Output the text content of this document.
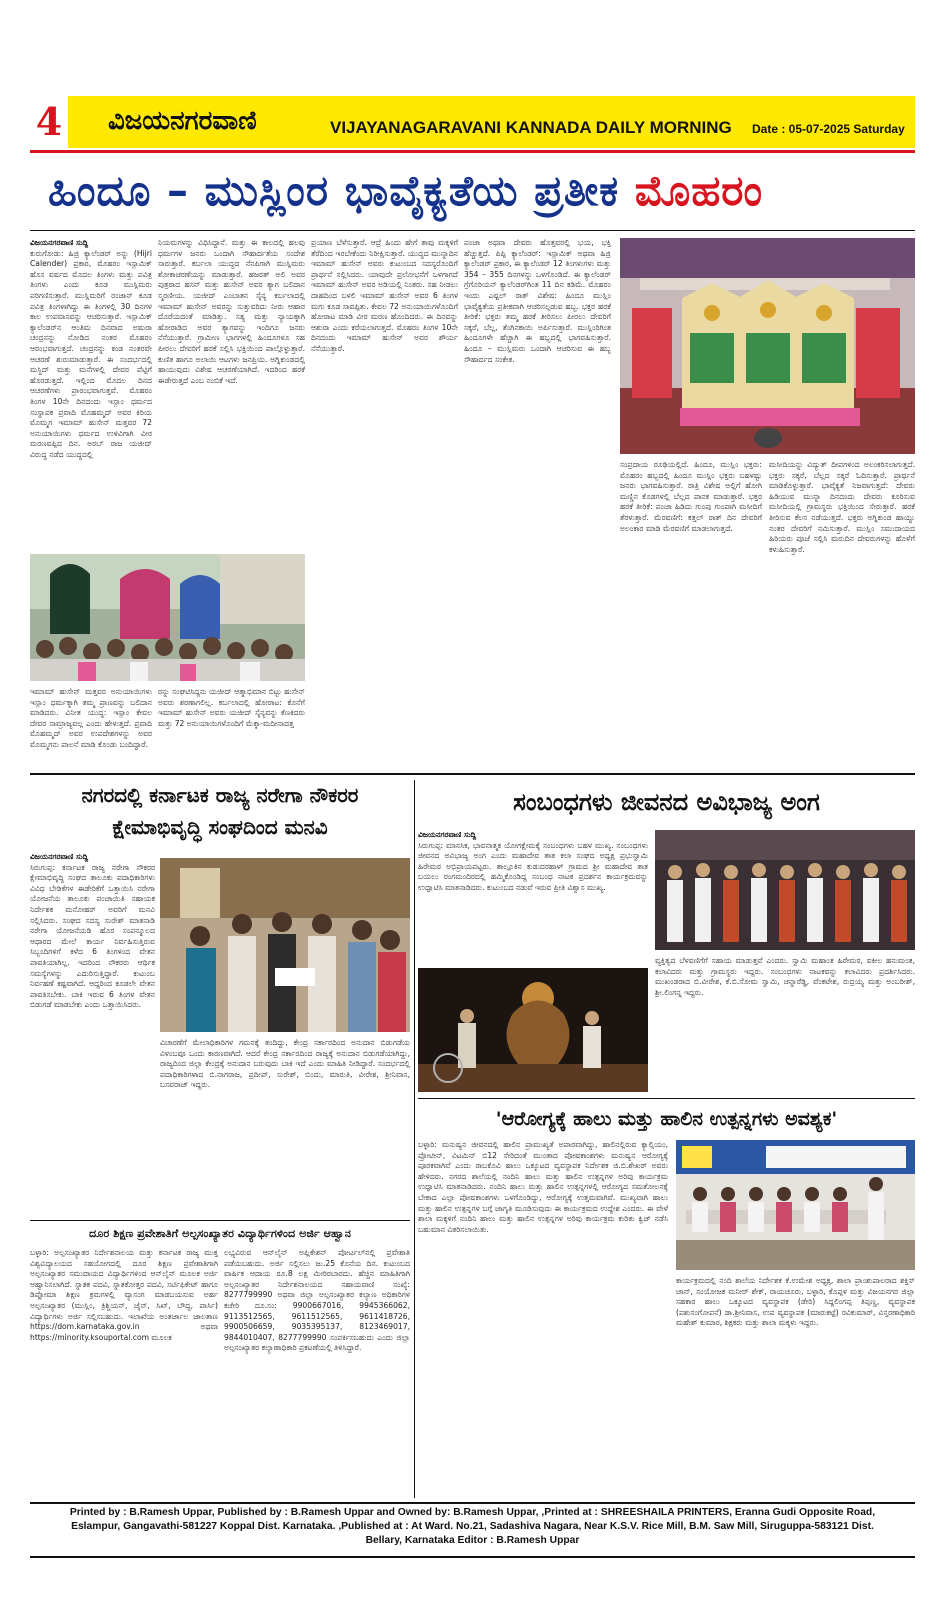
4 ವಿಜಯನಗರವಾಣಿ	VIJAYANAGARAVANI KANNADA DAILY MORNING Date : 05-07-2025 Saturday
ಹಿಂದೂ – ಮುಸ್ಲಿಂರ ಭಾವೈಕ್ಯತೆಯ ಪ್ರತೀಕ ಮೊಹರಂ
ವಿಜಯನಗರವಾಣಿ ಸುದ್ದಿ
ಕುರುಗೋಡು: ಹಿಜ್ರಿ ಕ್ಯಾಲೆಂಡರ್ ಅನ್ನು (Hijri Calender) ಪ್ರಕಾರ, ಮೊಹರಂ ಇಸ್ಲಾಮಿಕ್ ಹೊಸ ವರ್ಷದ ಮೊದಲ ತಿಂಗಳು ಮತ್ತು ಪವಿತ್ರ ತಿಂಗಳು ಎಂದು ಕೂಡ ಮುಸ್ಲಿಮರು ಪರಿಗಣಿಸುತ್ತಾರೆ. ಮುಸ್ಲಿಮರಿಗೆ ರಂಜಾನ್ ಕೂಡ ಪವಿತ್ರ ತಿಂಗಳಾಗಿದ್ದು ಈ ತಿಂಗಳಲ್ಲಿ 30 ದಿನಗಳ ಕಾಲ ಉಪವಾಸವನ್ನು ಆಚರಿಸುತ್ತಾರೆ. ಇಸ್ಲಾಮಿಕ್ ಕ್ಯಾಲೆಂಡರ್‌ನ ಆಂತಿಮ ದಿನವಾದ ಅಷುರಾ ಚಂದ್ರನನ್ನು ನೋಡಿದ ನಂತರ ಮೊಹರಂ ಆರಂಭವಾಗುತ್ತದೆ. ಚಂದ್ರನನ್ನು ಕಂಡ ನಂತರವೇ ಆಚರಣೆ ಶುರುಮಾಡುತ್ತಾರೆ. ಈ ಸಂದರ್ಭದಲ್ಲಿ ಮಸ್ಜಿದ್ ಮತ್ತು ಮನೆಗಳಲ್ಲಿ ದೇವರ ಪೆಟ್ಟಿಗೆ ಹೊರಡುತ್ತದೆ. ಇಲ್ಲಿಂದ ಮೊದಲ ದಿನದ ಆಚರಣೆಗಳು ಪ್ರಾರಂಭವಾಗುತ್ತವೆ. ಮೊಹರಂ ತಿಂಗಳ 10ನೇ ದಿನದಂದು ಇಸ್ಲಾಂ ಧರ್ಮದ ಸಂಸ್ಥಾಪಕ ಪ್ರವಾದಿ ಮೊಹಮ್ಮದ್ ಅವರ ಕಿರಿಯ ಮೊಮ್ಮಗ ಇಮಾಮ್ ಹುಸೇನ್ ಮತ್ತವರ 72 ಅನುಯಾಯಿಗಳು ಧರ್ಮದ ಉಳಿವಿಗಾಗಿ ವೀರ ಮರಣವಪ್ಪಿದ ದಿನ. ಅರಬ್ ರಾಜ ಯಜೀದ್ ವಿರುದ್ಧ ನಡೆದ ಯುದ್ಧದಲ್ಲಿ
ನಿಯಮಗಳನ್ನು ವಿಧಿಸಿದ್ದಾನೆ. ಮತ್ತು ಈ ಕಾಲದಲ್ಲಿ ಹಲವು ಧರ್ಮಗಳ ಜನರು ಒಂದಾಗಿ ಸೌಹಾರ್ದತೆಯ ಸಂದೇಶ ಸಾರುತ್ತಾರೆ. ಕರ್ಬಲಾ ಯುದ್ಧದ ನೆನಪಿಗಾಗಿ ಮುಸ್ಲಿಮರು ಶೋಕಾಚರಣೆಯನ್ನು ಮಾಡುತ್ತಾರೆ. ಹಜರತ್ ಅಲಿ ಅವರ ಪುತ್ರರಾದ ಹಸನ್ ಮತ್ತು ಹುಸೇನ್ ಅವರ ತ್ಯಾಗ ಬಲಿದಾನ ಸ್ಮರಣೀಯ. ಯಜೀದ್ ಎಂಬಾತನ ಸೈನ್ಯ ಕರ್ಬಲಾದಲ್ಲಿ ಇಮಾಮ್ ಹುಸೇನ್ ಅವರನ್ನು ಸುತ್ತುವರಿದು ನೀರು ಆಹಾರ ದೊರೆಯದಂತೆ ಮಾಡಿತ್ತು. ಸತ್ಯ ಮತ್ತು ನ್ಯಾಯಕ್ಕಾಗಿ ಹೋರಾಡಿದ ಅವರ ತ್ಯಾಗವನ್ನು ಇಂದಿಗೂ ಜನರು ನೆನೆಯುತ್ತಾರೆ. ಗ್ರಾಮೀಣ ಭಾಗಗಳಲ್ಲಿ ಹಿಂದೂಗಳೂ ಸಹ ಪೀರಲು ದೇವರಿಗೆ ಹರಕೆ ಸಲ್ಲಿಸಿ ಭಕ್ತಿಯಿಂದ ಪಾಲ್ಗೊಳ್ಳುತ್ತಾರೆ. ಕುಣಿತ ಹಾಗೂ ಅಲಾಯಿ ಆಟಗಳು ಜನಪ್ರಿಯ. ಅಗ್ನಿಕುಂಡದಲ್ಲಿ ಹಾಯುವುದು ವಿಶೇಷ ಆಚರಣೆಯಾಗಿದೆ. ಇದರಿಂದ ಹರಕೆ ಈಡೇರುತ್ತದೆ ಎಂಬ ನಂಬಿಕೆ ಇದೆ.
ಪ್ರಯಾಣ ಬೆಳೆಸುತ್ತಾರೆ. ಆದ್ರೆ ಹಿಂದು ಹೇಗೆ ತಾವು ಮಕ್ಕಳಿಗೆ ತೆರೆದಿಂದ ಇರಬೇಕೆಂದು ನಿರೀಕ್ಷಿಸುತ್ತಾರೆ. ಯುದ್ಧದ ಮುನ್ನಾದಿನ ಇಮಾಮ್ ಹುಸೇನ್ ಅವರು ಕುಟುಂಬದ ಸದಸ್ಯರೊಂದಿಗೆ ಪ್ರಾರ್ಥನೆ ಸಲ್ಲಿಸಿದರು. ಯಾವುದೇ ಪ್ರಲೋಭನೆಗೆ ಒಳಗಾಗದೆ ಇಮಾಮ್ ಹುಸೇನ್ ಅವರ ಅಡಿಯಲ್ಲಿ ನಿಂತರು. ಸಹ ನೀಡಲು ದಾಹದಿಂದ ಬಳಲಿ ಇಮಾಮ್ ಹುಸೇನ್ ಅವರ 6 ತಿಂಗಳ ಮಗು ಕೂಡ ಸಾವಪ್ಪಿತು. ಕೇವಲ 72 ಅನುಯಾಯಿಗಳೊಂದಿಗೆ ಹೋರಾಟ ಮಾಡಿ ವೀರ ಮರಣ ಹೊಂದಿದರು. ಈ ದಿನವನ್ನು ಆಶುರಾ ಎಂದು ಕರೆಯಲಾಗುತ್ತದೆ. ಮೊಹರಂ ತಿಂಗಳ 10ನೇ ದಿನದಂದು ಇಮಾಮ್ ಹುಸೇನ್ ಅವರ ಶೌರ್ಯ ನೆನೆಯುತ್ತಾರೆ.
ಪಂಜಾ ಅಥವಾ ದೇವರು ಹೊತ್ತವರಲ್ಲಿ ಭಯ, ಭಕ್ತಿ ಹೆಚ್ಚುತ್ತದೆ. ಪಿಪ್ಪಿ ಕ್ಯಾಲೆಂಡರ್: ಇಸ್ಲಾಮಿಕ್ ಅಥವಾ ಹಿಜ್ರಿ ಕ್ಯಾಲೆಂಡರ್ ಪ್ರಕಾರ, ಈ ಕ್ಯಾಲೆಂಡರ್ 12 ತಿಂಗಳುಗಳು ಮತ್ತು 354 – 355 ದಿನಗಳನ್ನು ಒಳಗೊಂಡಿದೆ. ಈ ಕ್ಯಾಲೆಂಡರ್ ಗ್ರೆಗೊರಿಯನ್ ಕ್ಯಾಲೆಂಡರ್‌ಗಿಂತ 11 ದಿನ ಕಡಿಮೆ. ಮೊಹರಂ ಇಂದು ಎಷ್ಟಲ್ ರಾತ್ ವಿಶೇಷ: ಹಿಂದೂ ಮುಸ್ಲಿಂ ಭಾವೈಕ್ಯತೆಯ ಪ್ರತೀಕವಾಗಿ ಆಚರಿಸಲ್ಪಡುವ ಹಬ್ಬ. ಭಕ್ತರ ಹರಕೆ ತೀರಿಕೆ: ಭಕ್ತರು ತಮ್ಮ ಹರಕೆ ತೀರಿಸಲು ಪೀರಲು ದೇವರಿಗೆ ಸಕ್ಕರೆ, ಬೆಲ್ಲ, ತೆಂಗಿನಕಾಯಿ ಅರ್ಪಿಸುತ್ತಾರೆ. ಮುಸ್ಲಿಂರಿಗಿಂತ ಹಿಂದೂಗಳೇ ಹೆಚ್ಚಾಗಿ ಈ ಹಬ್ಬದಲ್ಲಿ ಭಾಗವಹಿಸುತ್ತಾರೆ. ಹಿಂದೂ – ಮುಸ್ಲಿಮರು ಒಂದಾಗಿ ಆಚರಿಸುವ ಈ ಹಬ್ಬ ಸೌಹಾರ್ದದ ಸಂಕೇತ.
ಸಂಪ್ರದಾಯ ರೂಢಿಯಲ್ಲಿದೆ. ಹಿಂದೂ, ಮುಸ್ಲಿಂ ಭಕ್ತರು: ಮೊಹರಂ ಹಬ್ಬದಲ್ಲಿ ಹಿಂದೂ ಮುಸ್ಲಿಂ ಭಕ್ತರು ಬಹಳಷ್ಟು ಜನರು ಭಾಗವಹಿಸುತ್ತಾರೆ. ರಾತ್ರಿ ವಿಶೇಷ ಅಲ್ಲಿಗೆ ಹೋಗಿ ಮಣ್ಣಿನ ಕೊಡಗಳಲ್ಲಿ ಬೆಲ್ಲದ ಪಾನಕ ಮಾಡುತ್ತಾರೆ. ಭಕ್ತರ ಹರಕೆ ತೀರಿಕೆ: ಪಂಜಾ ಹಿಡಿದು ಗುಂಪು ಗುಂಪಾಗಿ ಮಸೀದಿಗೆ ತೆರಳುತ್ತಾರೆ. ಮೆರವಣಿಗೆ: ಕತ್ತಲ್ ರಾತ್ ದಿನ ದೇವರಿಗೆ ಅಲಂಕಾರ ಮಾಡಿ ಮೆರವಣಿಗೆ ಮಾಡಲಾಗುತ್ತದೆ.
ಮಸೀದಿಯನ್ನು ವಿದ್ಯುತ್ ದೀಪಗಳಿಂದ ಅಲಂಕರಿಸಲಾಗುತ್ತದೆ. ಭಕ್ತರು ಸಕ್ಕರೆ, ಬೆಲ್ಲದ ಸಕ್ಕರೆ ಓದಿಸುತ್ತಾರೆ. ಪ್ರಾರ್ಥನೆ ಮಾಡಿಕೊಳ್ಳುತ್ತಾರೆ. ಭಾವೈಕ್ಯತೆ ನಿಜವಾಗುತ್ತದೆ: ದೇವರು ಹಿಡಿಯುವ ಮುನ್ನಾ ದಿನದಂದು ದೇವರು ಕೂರಿಸುವ ಮಸೀದಿಯಲ್ಲಿ ಗ್ರಾಮಸ್ಥರು ಭಕ್ತಿಯಿಂದ ಸೇರುತ್ತಾರೆ. ಹರಕೆ ತೀರಿಸುವ ಕೆಲಸ ನಡೆಯುತ್ತದೆ. ಭಕ್ತರು ಅಗ್ನಿಕುಂಡ ಹಾಯ್ದು ನಂತರ ದೇವರಿಗೆ ನಮಿಸುತ್ತಾರೆ. ಮುಸ್ಲಿಂ ಸಮುದಾಯದ ಹಿರಿಯರು ಪೂಜೆ ಸಲ್ಲಿಸಿ ಮರುದಿನ ದೇವರುಗಳನ್ನು ಹೊಳೆಗೆ ಕಳುಹಿಸುತ್ತಾರೆ.
ಇಮಾಮ್ ಹುಸೇನ್ ಮತ್ತವರ ಅನುಯಾಯಿಗಳು ಇಸ್ಲಾಂ ಧರ್ಮಕ್ಕಾಗಿ ತಮ್ಮ ಪ್ರಾಣವನ್ನು ಬಲಿದಾನ ಮಾಡಿದರು. ವಿನೀತ ಯುದ್ಧ: ಇಸ್ಲಾಂ ಕೇವಲ ದೇವರ ಸಾಮ್ರಾಜ್ಯವಲ್ಲ ಎಂದು ಹೇಳುತ್ತದೆ. ಪ್ರವಾದಿ ಮೊಹಮ್ಮದ್ ಅವರ ಉಪದೇಶಗಳನ್ನು ಅವರ ಮೊಮ್ಮಗನು ಪಾಲನೆ ಮಾಡಿ ಕೊಂಡು ಬಂದಿದ್ದಾರೆ.
ರನ್ನು ಸಂಘಟಿಸಿದ್ದನು ಯಜೀದ್ ಆತ್ಮಾಭಿಮಾನ ಬಿಟ್ಟು ಹುಸೇನ್ ಅವರು ಶರಣಾಗಲಿಲ್ಲ. ಕರ್ಬಲಾದಲ್ಲಿ ಹೋರಾಟ: ಕೊನೆಗೆ ಇಮಾಮ್ ಹುಸೇನ್ ಅವರು ಯಜೀದ್ ಸೈನ್ಯವನ್ನು ಕೆಣಕಿದರು ಮತ್ತು 72 ಅನುಯಾಯಿಗಳೊಂದಿಗೆ ಮೆಕ್ಕಾ-ಮದೀನಾದತ್ತ
ನಗರದಲ್ಲಿ ಕರ್ನಾಟಕ ರಾಜ್ಯ ನರೇಗಾ ನೌಕರರ
ಕ್ಷೇಮಾಭಿವೃದ್ಧಿ ಸಂಘದಿಂದ ಮನವಿ
ವಿಜಯನಗರವಾಣಿ ಸುದ್ದಿ
ಸಿರುಗುಪ್ಪ: ಕರ್ನಾಟಕ ರಾಜ್ಯ ನರೇಗಾ ನೌಕರರ ಕ್ಷೇಮಾಭಿವೃದ್ಧಿ ಸಂಘದ ತಾಲೂಕು ಪದಾಧಿಕಾರಿಗಳು ವಿವಿಧ ಬೇಡಿಕೆಗಳ ಈಡೇರಿಕೆಗೆ ಒತ್ತಾಯಿಸಿ ನರೇಗಾ ಯೋಜನೆಯ ತಾಲೂಕು ಪಂಚಾಯಿತಿ ಸಹಾಯಕ ನಿರ್ದೇಶಕ ಮನೋಹರ್ ಅವರಿಗೆ ಮನವಿ ಸಲ್ಲಿಸಿದರು. ಸಂಘದ ಸದಸ್ಯ ಸುರೇಶ್ ಮಾತನಾಡಿ ನರೇಗಾ ಯೋಜನೆಯಡಿ ಹೊರ ಸಂಪನ್ಮೂಲದ ಆಧಾರದ ಮೇಲೆ ಕಾರ್ಯ ನಿರ್ವಹಿಸುತ್ತಿರುವ ಸಿಬ್ಬಂದಿಗಳಿಗೆ ಕಳೆದ 6 ತಿಂಗಳಿಂದ ವೇತನ ಪಾವತಿಯಾಗಿಲ್ಲ. ಇದರಿಂದ ನೌಕರರು ಆರ್ಥಿಕ ಸಮಸ್ಯೆಗಳನ್ನು ಎದುರಿಸುತ್ತಿದ್ದಾರೆ. ಕುಟುಂಬ ನಿರ್ವಹಣೆ ಕಷ್ಟವಾಗಿದೆ. ಆದ್ದರಿಂದ ಕೂಡಲೇ ವೇತನ ಪಾವತಿಸಬೇಕು. ಬಾಕಿ ಇರುವ 6 ತಿಂಗಳ ವೇತನ ಬಿಡುಗಡೆ ಮಾಡಬೇಕು ಎಂದು ಒತ್ತಾಯಿಸಿದರು.
ವಿಚಾರಣೆಗೆ ಮೇಲಾಧಿಕಾರಿಗಳ ಗಮನಕ್ಕೆ ತಂದಿದ್ದು, ಕೇಂದ್ರ ಸರ್ಕಾರದಿಂದ ಅನುದಾನ ಬಿಡುಗಡೆಯ ವಿಳಂಬವೂ ಒಂದು ಕಾರಣವಾಗಿದೆ. ಆದರೆ ಕೇಂದ್ರ ಸರ್ಕಾರದಿಂದ ರಾಜ್ಯಕ್ಕೆ ಅನುದಾನ ಬಿಡುಗಡೆಯಾಗಿದ್ದು, ರಾಜ್ಯದಿಂದ ಜಿಲ್ಲಾ ಕೇಂದ್ರಕ್ಕೆ ಅನುದಾನ ಬರುವುದು ಬಾಕಿ ಇದೆ ಎಂದು ಮಾಹಿತಿ ನೀಡಿದ್ದಾರೆ. ಸಂದರ್ಭದಲ್ಲಿ ಪದಾಧಿಕಾರಿಗಳಾದ ಬಿ.ನಾಗರಾಜ, ಪ್ರದೀಪ್, ಸುರೇಶ್, ಬಿಂದು, ಮಾರುತಿ, ವೀರೇಶ, ಶ್ರೀನಿವಾಸ, ಬಸವರಾಜ್ ಇದ್ದರು.
ಸಂಬಂಧಗಳು ಜೀವನದ ಅವಿಭಾಜ್ಯ ಅಂಗ
ವಿಜಯನಗರವಾಣಿ ಸುದ್ದಿ
ಸಿರುಗುಪ್ಪ: ಮಾನಸಿಕ, ಭಾವನಾತ್ಮಕ ಯೋಗಕ್ಷೇಮಕ್ಕೆ ಸಂಬಂಧಗಳು ಬಹಳ ಮುಖ್ಯ. ಸಂಬಂಧಗಳು ಜೀವನದ ಅವಿಭಾಜ್ಯ ಅಂಗ ಎಂದು ಮಹಾದೇವ ತಾತ ಕಲಾ ಸಂಘದ ಅಧ್ಯಕ್ಷ ಪ್ರಭುಸ್ವಾಮಿ ಹಿರೇಮಠ ಅಭಿಪ್ರಾಯಪಟ್ಟರು. ತಾಲ್ಲೂಕಿನ ಕುಡುದರಹಾಳ್ ಗ್ರಾಮದ ಶ್ರೀ ಮಹಾದೇವ ತಾತ ಬಯಲು ರಂಗಮಂದಿರದಲ್ಲಿ ಹಮ್ಮಿಕೊಂಡಿದ್ದ ಸಂಬಂಧ ನಾಟಕ ಪ್ರದರ್ಶನ ಕಾರ್ಯಕ್ರಮವನ್ನು ಉದ್ಘಾಟಿಸಿ ಮಾತನಾಡಿದರು. ಕುಟುಂಬದ ನಡುವೆ ಇರುವ ಪ್ರೀತಿ ವಿಶ್ವಾಸ ಮುಖ್ಯ.
ವ್ಯಕ್ತಿತ್ವದ ಬೆಳವಣಿಗೆಗೆ ಸಹಾಯ ಮಾಡುತ್ತವೆ ಎಂದರು. ಸ್ವಾಮಿ ಮಹಾಂತ ಹಿರೇಮಠ, ವಕೀಲ ಹನುಮಂತ, ಕಲಾವಿದರು ಮತ್ತು ಗ್ರಾಮಸ್ಥರು ಇದ್ದರು. ಸಂಬಂಧಗಳು ನಾಟಕವನ್ನು ಕಲಾವಿದರು ಪ್ರದರ್ಶಿಸಿದರು. ಮುಖಂಡರಾದ ಬಿ.ವೀರೇಶ, ಕೆ.ಬಿ.ಸೋಮ ಸ್ವಾಮಿ, ಚನ್ನಾರೆಡ್ಡಿ, ವೆಂಕಟೇಶ, ರುದ್ರಯ್ಯ ಮತ್ತು ಅಂಬರೀಶ್, ಶ್ರೀ.ಲಿಂಗನ್ನ ಇದ್ದರು.
'ಆರೋಗ್ಯಕ್ಕೆ ಹಾಲು ಮತ್ತು ಹಾಲಿನ ಉತ್ಪನ್ನಗಳು ಅವಶ್ಯಕ'
ಬಳ್ಳಾರಿ: ಮನುಷ್ಯನ ಜೀವನದಲ್ಲಿ ಹಾಲಿನ ಪ್ರಾಮುಖ್ಯತೆ ಅಪಾರವಾಗಿದ್ದು, ಹಾಲಿನಲ್ಲಿರುವ ಕ್ಯಾಲ್ಸಿಯಂ, ಪ್ರೋಟೀನ್, ವಿಟಮಿನ್ ಬಿ12 ಸೇರಿದಂತೆ ಮುಂತಾದ ಪೋಷಕಾಂಶಗಳು ಮನುಷ್ಯನ ಆರೋಗ್ಯಕ್ಕೆ ಪೂರಕವಾಗಿವೆ ಎಂದು ರಾಬಕೊವಿ ಹಾಲು ಒಕ್ಕೂಟದ ವ್ಯವಸ್ಥಾಪಕ ನಿರ್ದೇಶಕ ಜಿ.ಬಿ.ಶೇಖರ್ ಅವರು ಹೇಳಿದರು. ನಗರದ ಶಾಲೆಯಲ್ಲಿ ನಂದಿನಿ ಹಾಲು ಮತ್ತು ಹಾಲಿನ ಉತ್ಪನ್ನಗಳ ಅರಿವು ಕಾರ್ಯಕ್ರಮ ಉದ್ಘಾಟಿಸಿ ಮಾತನಾಡಿದರು. ನಂದಿನಿ ಹಾಲು ಮತ್ತು ಹಾಲಿನ ಉತ್ಪನ್ನಗಳಲ್ಲಿ ಆರೋಗ್ಯದ ಸಮತೋಲನಕ್ಕೆ ಬೇಕಾದ ಎಲ್ಲಾ ಪೋಷಕಾಂಶಗಳು ಒಳಗೊಂಡಿದ್ದು, ಆರೋಗ್ಯಕ್ಕೆ ಉತ್ತಮವಾಗಿವೆ. ಮುಖ್ಯವಾಗಿ ಹಾಲು ಮತ್ತು ಹಾಲಿನ ಉತ್ಪನ್ನಗಳ ಬಗ್ಗೆ ಜಾಗೃತಿ ಮೂಡಿಸುವುದು ಈ ಕಾರ್ಯಕ್ರಮದ ಉದ್ದೇಶ ಎಂದರು. ಈ ವೇಳೆ ಶಾಲಾ ಮಕ್ಕಳಿಗೆ ನಂದಿನಿ ಹಾಲು ಮತ್ತು ಹಾಲಿನ ಉತ್ಪನ್ನಗಳ ಅರಿವು ಕಾರ್ಯಕ್ರಮ ಕುರಿತು ಕ್ವಿಜ್ ನಡೆಸಿ ಬಹುಮಾನ ವಿತರಿಸಲಾಯಿತು.
ಕಾರ್ಯಕ್ರಮದಲ್ಲಿ ನಂದಿ ಶಾಲೆಯ ನಿರ್ದೇಶಕ ಕೆ.ಉಮೇಶ ಅಧ್ಯಕ್ಷ, ಶಾಲಾ ಪ್ರಾಂಶುಪಾಲರಾದ ಶಕ್ತಿಸ್ ಜಾನ್, ಸಂಯೋಜಕ ಮನೀರ್ ಶೇಕ್, ರಾಯಚೂರು, ಬಳ್ಳಾರಿ, ಕೊಪ್ಪಳ ಮತ್ತು ವಿಜಯನಗರ ಜಿಲ್ಲಾ ಸಹಕಾರ ಹಾಲು ಒಕ್ಕೂಟದ ವ್ಯವಸ್ಥಾಪಕ (ಡೇರಿ) ಸಿದ್ದಲಿಂಗಪ್ಪ ತಿಪ್ಪಣ್ಣ, ವ್ಯವಸ್ಥಾಪಕ (ಪಶುಸಂಗೋಪನೆ) ಡಾ.ಶ್ರೀನಿವಾಸ, ಉಪ ವ್ಯವಸ್ಥಾಪಕ (ಮಾರುಕಟ್ಟೆ) ರವಿಕುಮಾರ್, ವಿಸ್ತರಣಾಧಿಕಾರಿ ಮಹೇಶ್ ಕುಮಾರ, ಶಿಕ್ಷಕರು ಮತ್ತು ಶಾಲಾ ಮಕ್ಕಳು ಇದ್ದರು.
ದೂರ ಶಿಕ್ಷಣ ಪ್ರವೇಶಾತಿಗೆ ಅಲ್ಪಸಂಖ್ಯಾತರ ವಿದ್ಯಾರ್ಥಿಗಳಿಂದ ಅರ್ಜಿ ಆಹ್ವಾನ
ಬಳ್ಳಾರಿ: ಅಲ್ಪಸಂಖ್ಯಾತರ ನಿರ್ದೇಶನಾಲಯ ಮತ್ತು ಕರ್ನಾಟಕ ರಾಜ್ಯ ಮುಕ್ತ ವಿಶ್ವವಿದ್ಯಾಲಯದ ಸಹಯೋಗದಲ್ಲಿ ದೂರ ಶಿಕ್ಷಣ ಪ್ರವೇಶಾತಿಗಾಗಿ ಅಲ್ಪಸಂಖ್ಯಾತರ ಸಮುದಾಯದ ವಿದ್ಯಾರ್ಥಿಗಳಿಂದ ಆನ್‌ಲೈನ್ ಮೂಲಕ ಅರ್ಜಿ ಆಹ್ವಾನಿಸಲಾಗಿದೆ. ಸ್ನಾತಕ ಪದವಿ, ಸ್ನಾತಕೋತ್ತರ ಪದವಿ, ಸರ್ಟಿಫಿಕೇಟ್ ಹಾಗೂ ಡಿಪ್ಲೋಮಾ ಶಿಕ್ಷಣ ಕ್ರಮಗಳಲ್ಲಿ ವ್ಯಾಸಂಗ ಮಾಡಬಯಸುವ ಅರ್ಹ ಅಲ್ಪಸಂಖ್ಯಾತರ (ಮುಸ್ಲಿಂ, ಕ್ರಿಶ್ಚಿಯನ್, ಜೈನ್, ಸಿಖ್, ಬೌದ್ಧ, ಪಾರ್ಸಿ) ವಿದ್ಯಾರ್ಥಿಗಳು ಅರ್ಜಿ ಸಲ್ಲಿಸಬಹುದು. ಇಲಾಖೆಯ ಅಂತರ್ಜಾಲ ಜಾಲತಾಣ https://dom.karnataka.gov.in ಅಥವಾ https://minority.ksouportal.com ಮೂಲಕ
ಲಭ್ಯವಿರುವ ಆನ್‌ಲೈನ್ ಅಪ್ಲಿಕೇಶನ್ ಪೋರ್ಟಲ್‌ನಲ್ಲಿ ಪ್ರವೇಶಾತಿ ಪಡೆಯಬಹುದು. ಅರ್ಜಿ ಸಲ್ಲಿಸಲು ಜು.25 ಕೊನೆಯ ದಿನ. ಕುಟುಂಬದ ವಾರ್ಷಿಕ ಆದಾಯ ರೂ.8 ಲಕ್ಷ ಮೀರಿರಬಾರದು. ಹೆಚ್ಚಿನ ಮಾಹಿತಿಗಾಗಿ ಅಲ್ಪಸಂಖ್ಯಾತರ ನಿರ್ದೇಶನಾಲಯದ ಸಹಾಯವಾಣಿ ಸಂಖ್ಯೆ: 8277799990 ಅಥವಾ ಜಿಲ್ಲಾ ಅಲ್ಪಸಂಖ್ಯಾತರ ಕಲ್ಯಾಣ ಅಧಿಕಾರಿಗಳ ಕಚೇರಿ ದೂ.ಸಂ: 9900667016, 9945366062, 9113512565, 9611512565, 9611418726, 9900506659, 9035395137, 8123469017, 9844010407, 8277799990 ಸಂಪರ್ಕಿಸಬಹುದು ಎಂದು ಜಿಲ್ಲಾ ಅಲ್ಪಸಂಖ್ಯಾತರ ಕಲ್ಯಾಣಾಧಿಕಾರಿ ಪ್ರಕಟಣೆಯಲ್ಲಿ ತಿಳಿಸಿದ್ದಾರೆ.
Printed by : B.Ramesh Uppar, Published by : B.Ramesh Uppar and Owned by: B.Ramesh Uppar, ,Printed at : SHREESHAILA PRINTERS, Eranna Gudi Opposite Road,
Eslampur, Gangavathi-581227 Koppal Dist. Karnataka. ,Published at : At Ward. No.21, Sadashiva Nagara, Near K.S.V. Rice Mill, B.M. Saw Mill, Siruguppa-583121 Dist.
Bellary, Karnataka Editor : B.Ramesh Uppar
